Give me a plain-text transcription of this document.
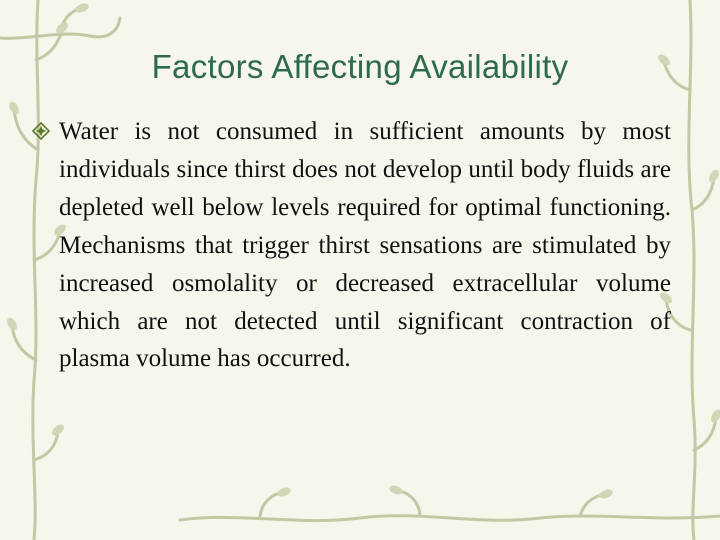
Factors Affecting Availability
Water is not consumed in sufficient amounts by most individuals since thirst does not develop until body fluids are depleted well below levels required for optimal functioning. Mechanisms that trigger thirst sensations are stimulated by increased osmolality or decreased extracellular volume which are not detected until significant contraction of plasma volume has occurred.
